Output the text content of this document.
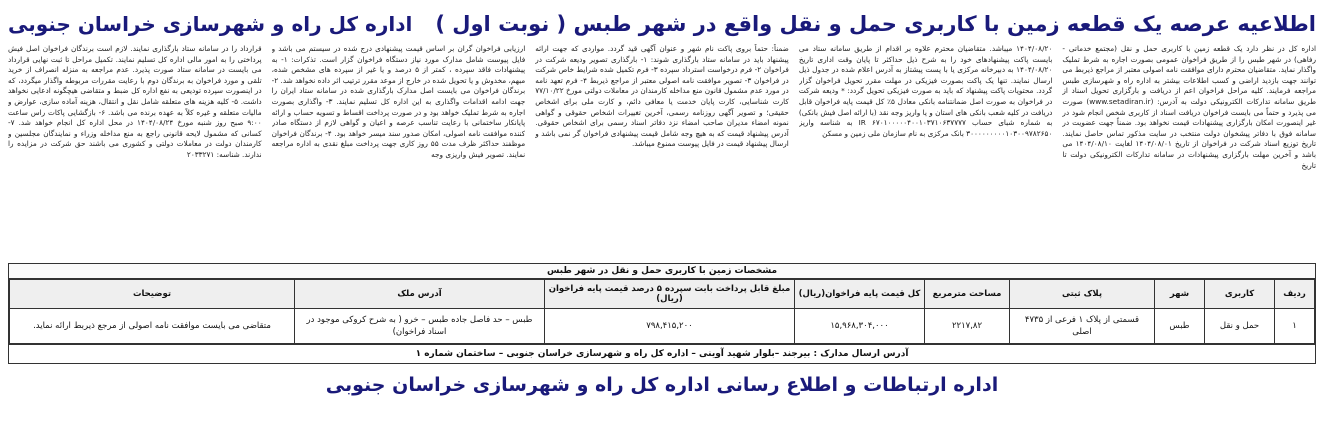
اطلاعیه عرصه یک قطعه زمین با کاربری حمل و نقل واقع در شهر طبس ( نوبت اول )
اداره کل راه و شهرسازی خراسان جنوبی
اداره کل در نظر دارد یک قطعه زمین با کاربری حمل و نقل (مجتمع خدماتی - رفاهی) در شهر طبس را از طریق فراخوان عمومی بصورت اجاره به شرط تملیک واگذار نماید. متقاضیان محترم دارای موافقت نامه اصولی معتبر از مراجع ذیربط می توانند جهت بازدید اراضی و کسب اطلاعات بیشتر به اداره راه و شهرسازی طبس مراجعه فرمایند. کلیه مراحل فراخوان اعم از دریافت و بارگزاری تحویل اسناد از طریق سامانه تدارکات الکترونیکی دولت به آدرس: (www.setadiran.ir) صورت می پذیرد و حتماً می بایست فراخوان دریافت اسناد از کاربری شخص انجام شود در غیر اینصورت امکان بارگزاری پیشنهادات قیمت نخواهد بود. ضمناً جهت عضویت در سامانه فوق با دفاتر پیشخوان دولت منتخب در سایت مذکور تماس حاصل نمایند. تاریخ توزیع اسناد شرکت در فراخوان از تاریخ ۱۴۰۴/۰۸/۰۱ لغایت ۱۴۰۴/۰۸/۱۰ می باشد و آخرین مهلت بارگزاری پیشنهادات در سامانه تدارکات الکترونیکی دولت تا تاریخ
۱۴۰۴/۰۸/۲۰ میباشد. متقاضیان محترم علاوه بر اقدام از طریق سامانه ستاد می بایست پاکت پیشنهادهای خود را به شرح ذیل حداکثر تا پایان وقت اداری تاریخ ۱۴۰۴/۰۸/۲۰ به دبیرخانه مرکزی یا با پست پیشتاز به آدرس اعلام شده در جدول ذیل ارسال نمایند. تنها یک پاکت بصورت فیزیکی در مهلت مقرر تحویل فراخوان گزار گردد. محتویات پاکت پیشنهاد که باید به صورت فیزیکی تحویل گردد: * ودیعه شرکت در فراخوان به صورت اصل ضمانتنامه بانکی معادل ۵٪ کل قیمت پایه فراخوان قابل دریافت در کلیه شعب بانکی های استان و یا واریز وجه نقد (با ارائه اصل فیش بانکی) به شماره شبای حساب IR ۶۷۰۱۰۰۰۰۰۴۰۰۱۰۳۷۱۰۶۳۷۷۷۷ به شناسه واریز ۳۰۰۰۰۰۰۰۰۰۱۰۳۰۰۹۷۸۲۶۵۰ بانک مرکزی به نام سازمان ملی زمین و مسکن
ضمناً: حتماً بروی پاکت نام شهر و عنوان آگهی قید گردد. مواردی که جهت ارائه پیشنهاد باید در سامانه ستاد بارگذاری شوند: ۱- بارگذاری تصویر ودیعه شرکت در فراخوان ۲- فرم درخواست استرداد سپرده ۳- فرم تکمیل شده شرایط خاص شرکت در فراخوان ۳- تصویر موافقت نامه اصولی معتبر از مراجع ذیربط ۴- فرم تعهد نامه در مورد عدم مشمول قانون منع مداخله کارمندان در معاملات دولتی مورخ ۷۷/۱۰/۲۲ کارت شناسایی، کارت پایان خدمت یا معافی دائم، و کارت ملی برای اشخاص حقیقی؛ و تصویر آگهی روزنامه رسمی، آخرین تغییرات اشخاص حقوقی و گواهی نمونه امضاء مدیران صاحب امضاء نزد دفاتر اسناد رسمی برای اشخاص حقوقی. آدرس پیشنهاد قیمت که به هیچ وجه شامل قیمت پیشنهادی فراخوان گر نمی باشد و ارسال پیشنهاد قیمت در فایل پیوست ممنوع میباشد.
ارزیابی فراخوان گران بر اساس قیمت پیشنهادی درج شده در سیستم می باشد و فایل پیوست شامل مدارک مورد نیاز دستگاه فراخوان گزار است. تذکرات: ۱- به پیشنهادات فاقد سپرده ، کمتر از ۵ درصد و یا غیر از سپرده های مشخص شده، مبهم، مخدوش و یا تحویل شده در خارج از موعد مقرر ترتیب اثر داده نخواهد شد. ۲- برندگان فراخوان می بایست اصل مدارک بارگذاری شده در سامانه ستاد ایران را جهت ادامه اقدامات واگذاری به این اداره کل تسلیم نمایند. ۳- واگذاری بصورت اجاره به شرط تملیک خواهد بود و در صورت پرداخت اقساط و تسویه حساب و ارائه پایانکار ساختمانی با رعایت تناسب عرصه و اعیان و گواهی لازم از دستگاه صادر کننده موافقت نامه اصولی، امکان صدور سند میسر خواهد بود. ۴- برندگان فراخوان موظفند حداکثر ظرف مدت ۵۵ روز کاری جهت پرداخت مبلغ نقدی به اداره مراجعه نمایند. تصویر فیش واریزی وجه
قرارداد را در سامانه ستاد بارگذاری نمایند. لازم است برندگان فراخوان اصل فیش پرداختی را به امور مالی اداره کل تسلیم نمایند. تکمیل مراحل تا ثبت نهایی قرارداد می بایست در سامانه ستاد صورت پذیرد. عدم مراجعه به منزله انصراف از خرید تلقی و مورد فراخوان به برندگان دوم با رعایت مقررات مربوطه واگذار میگردد، که در اینصورت سپرده تودیعی به نفع اداره کل ضبط و متقاضی هیچگونه ادعایی نخواهد داشت. ۵- کلیه هزینه های متعلقه شامل نقل و انتقال، هزینه آماده سازی، عوارض و مالیات متعلقه و غیره کلاً به عهده برنده می باشد. ۶- بازگشایی پاکات راس ساعت ۹:۰۰ صبح روز شنبه مورخ ۱۴۰۴/۰۸/۲۴ در محل اداره کل انجام خواهد شد. ۷- کسانی که مشمول لایحه قانونی راجع به منع مداخله وزراء و نمایندگان مجلسین و کارمندان دولت در معاملات دولتی و کشوری می باشند حق شرکت در مزایده را ندارند. شناسه: ۲۰۳۳۲۷۱
مشخصات زمین با کاربری حمل و نقل در شهر طبس
ردیف	کاربری	شهر	پلاک ثبتی	مساحت مترمربع	کل قیمت پایه فراخوان(ریال)	مبلغ قابل پرداخت بابت سپرده ۵ درصد قیمت پایه فراخوان (ریال)	آدرس ملک	توضیحات
۱	حمل و نقل	طبس	قسمتی از پلاک ۱ فرعی از ۴۷۳۵ اصلی	۲۲۱۷,۸۲	۱۵,۹۶۸,۳۰۴,۰۰۰	۷۹۸,۴۱۵,۲۰۰	طبس – حد فاصل جاده طبس – خرو ( به شرح کروکی موجود در اسناد فراخوان)	متقاضی می بایست موافقت نامه اصولی از مرجع ذیربط ارائه نماید.
آدرس ارسال مدارک : بیرجند –بلوار شهید آوینی – اداره کل راه و شهرسازی خراسان جنوبی – ساختمان شماره ۱
اداره ارتباطات و اطلاع رسانی اداره کل راه و شهرسازی خراسان جنوبی
